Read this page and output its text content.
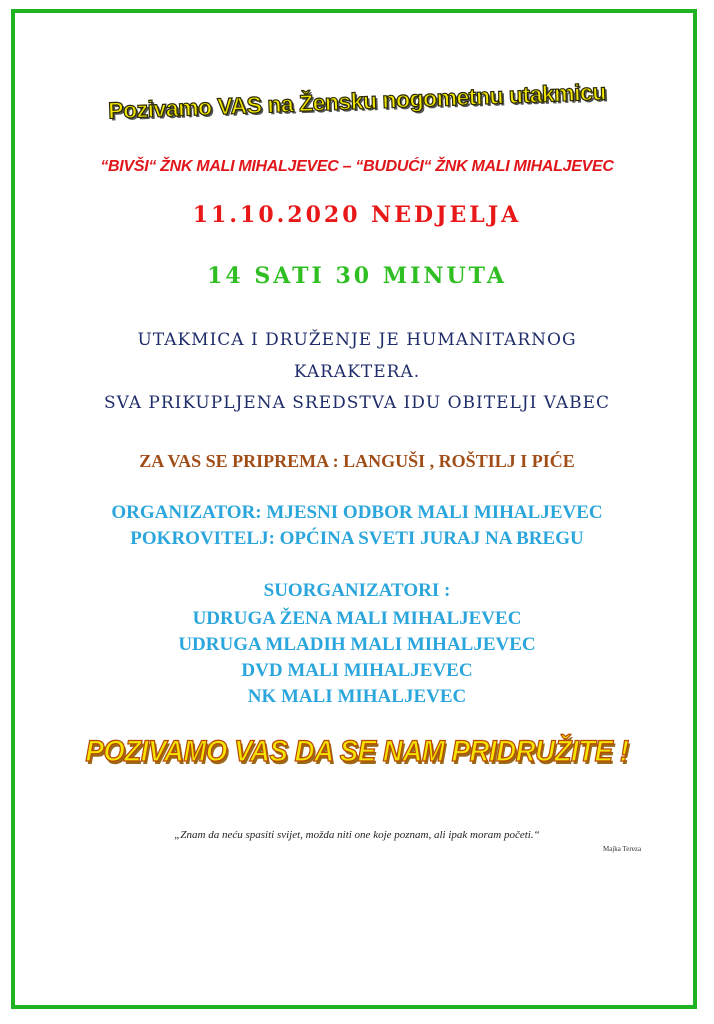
Pozivamo VAS na Žensku nogometnu utakmicu
“BIVŠI“ ŽNK MALI MIHALJEVEC – “BUDUĆI“ ŽNK MALI MIHALJEVEC
11.10.2020 NEDJELJA
14 SATI 30 MINUTA
UTAKMICA I DRUŽENJE JE HUMANITARNOG
KARAKTERA.
SVA PRIKUPLJENA SREDSTVA IDU OBITELJI VABEC
ZA VAS SE PRIPREMA : LANGUŠI , ROŠTILJ I PIĆE
ORGANIZATOR: MJESNI ODBOR MALI MIHALJEVEC
POKROVITELJ: OPĆINA SVETI JURAJ NA BREGU
SUORGANIZATORI :
UDRUGA ŽENA MALI MIHALJEVEC
UDRUGA MLADIH MALI MIHALJEVEC
DVD MALI MIHALJEVEC
NK MALI MIHALJEVEC
POZIVAMO VAS DA SE NAM PRIDRUŽITE !
„Znam da neću spasiti svijet, možda niti one koje poznam, ali ipak moram početi.“
Majka Tereza
